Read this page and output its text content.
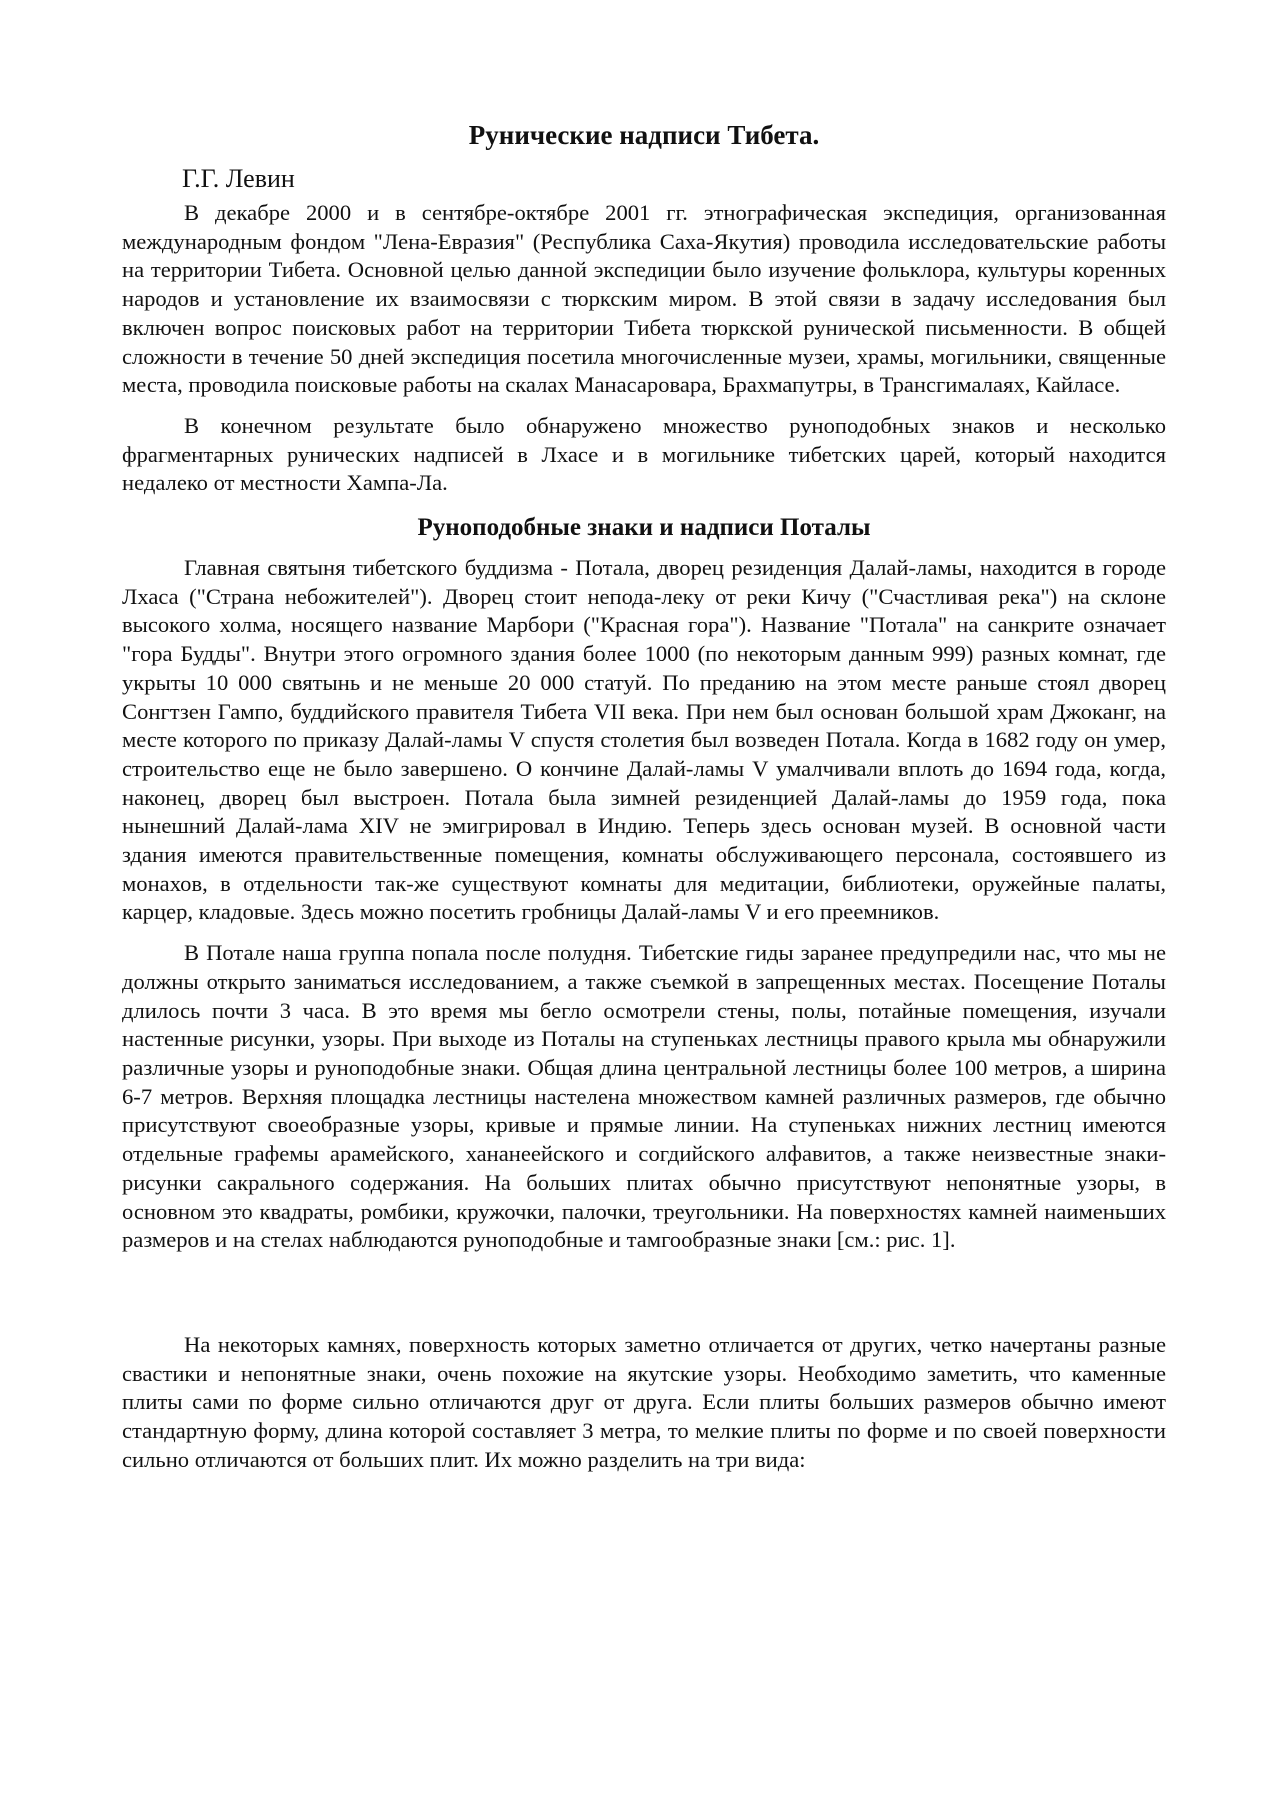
Рунические надписи Тибета.
Г.Г. Левин

В декабре 2000 и в сентябре-октябре 2001 гг. этнографическая экспедиция, организованная международным фондом "Лена-Евразия" (Республика Саха-Якутия) проводила исследовательские работы на территории Тибета. Основной целью данной экспедиции было изучение фольклора, культуры коренных народов и установление их взаимосвязи с тюркским миром. В этой связи в задачу исследования был включен вопрос поисковых работ на территории Тибета тюркской рунической письменности. В общей сложности в течение 50 дней экспедиция посетила многочисленные музеи, храмы, могильники, священные места, проводила поисковые работы на скалах Манасаровара, Брахмапутры, в Трансгималаях, Кайласе.

В конечном результате было обнаружено множество руноподобных знаков и несколько фрагментарных рунических надписей в Лхасе и в могильнике тибетских царей, который находится недалеко от местности Хампа-Ла.

Руноподобные знаки и надписи Поталы

Главная святыня тибетского буддизма - Потала, дворец резиденция Далай-ламы, находится в городе Лхаса ("Страна небожителей"). Дворец стоит непода-леку от реки Кичу ("Счастливая река") на склоне высокого холма, носящего название Марбори ("Красная гора"). Название "Потала" на санкрите означает "гора Будды". Внутри этого огромного здания более 1000 (по некоторым данным 999) разных комнат, где укрыты 10 000 святынь и не меньше 20 000 статуй. По преданию на этом месте раньше стоял дворец Сонгтзен Гампо, буддийского правителя Тибета VII века. При нем был основан большой храм Джоканг, на месте которого по приказу Далай-ламы V спустя столетия был возведен Потала. Когда в 1682 году он умер, строительство еще не было завершено. О кончине Далай-ламы V умалчивали вплоть до 1694 года, когда, наконец, дворец был выстроен. Потала была зимней резиденцией Далай-ламы до 1959 года, пока нынешний Далай-лама XIV не эмигрировал в Индию. Теперь здесь основан музей. В основной части здания имеются правительственные помещения, комнаты обслуживающего персонала, состоявшего из монахов, в отдельности так-же существуют комнаты для медитации, библиотеки, оружейные палаты, карцер, кладовые. Здесь можно посетить гробницы Далай-ламы V и его преемников.

В Потале наша группа попала после полудня. Тибетские гиды заранее предупредили нас, что мы не должны открыто заниматься исследованием, а также съемкой в запрещенных местах. Посещение Поталы длилось почти 3 часа. В это время мы бегло осмотрели стены, полы, потайные помещения, изучали настенные рисунки, узоры. При выходе из Поталы на ступеньках лестницы правого крыла мы обнаружили различные узоры и руноподобные знаки. Общая длина центральной лестницы более 100 метров, а ширина 6-7 метров. Верхняя площадка лестницы настелена множеством камней различных размеров, где обычно присутствуют своеобразные узоры, кривые и прямые линии. На ступеньках нижних лестниц имеются отдельные графемы арамейского, хананеейского и согдийского алфавитов, а также неизвестные знаки-рисунки сакрального содержания. На больших плитах обычно присутствуют непонятные узоры, в основном это квадраты, ромбики, кружочки, палочки, треугольники. На поверхностях камней наименьших размеров и на стелах наблюдаются руноподобные и тамгообразные знаки [см.: рис. 1].

На некоторых камнях, поверхность которых заметно отличается от других, четко начертаны разные свастики и непонятные знаки, очень похожие на якутские узоры. Необходимо заметить, что каменные плиты сами по форме сильно отличаются друг от друга. Если плиты больших размеров обычно имеют стандартную форму, длина которой составляет 3 метра, то мелкие плиты по форме и по своей поверхности сильно отличаются от больших плит. Их можно разделить на три вида:
